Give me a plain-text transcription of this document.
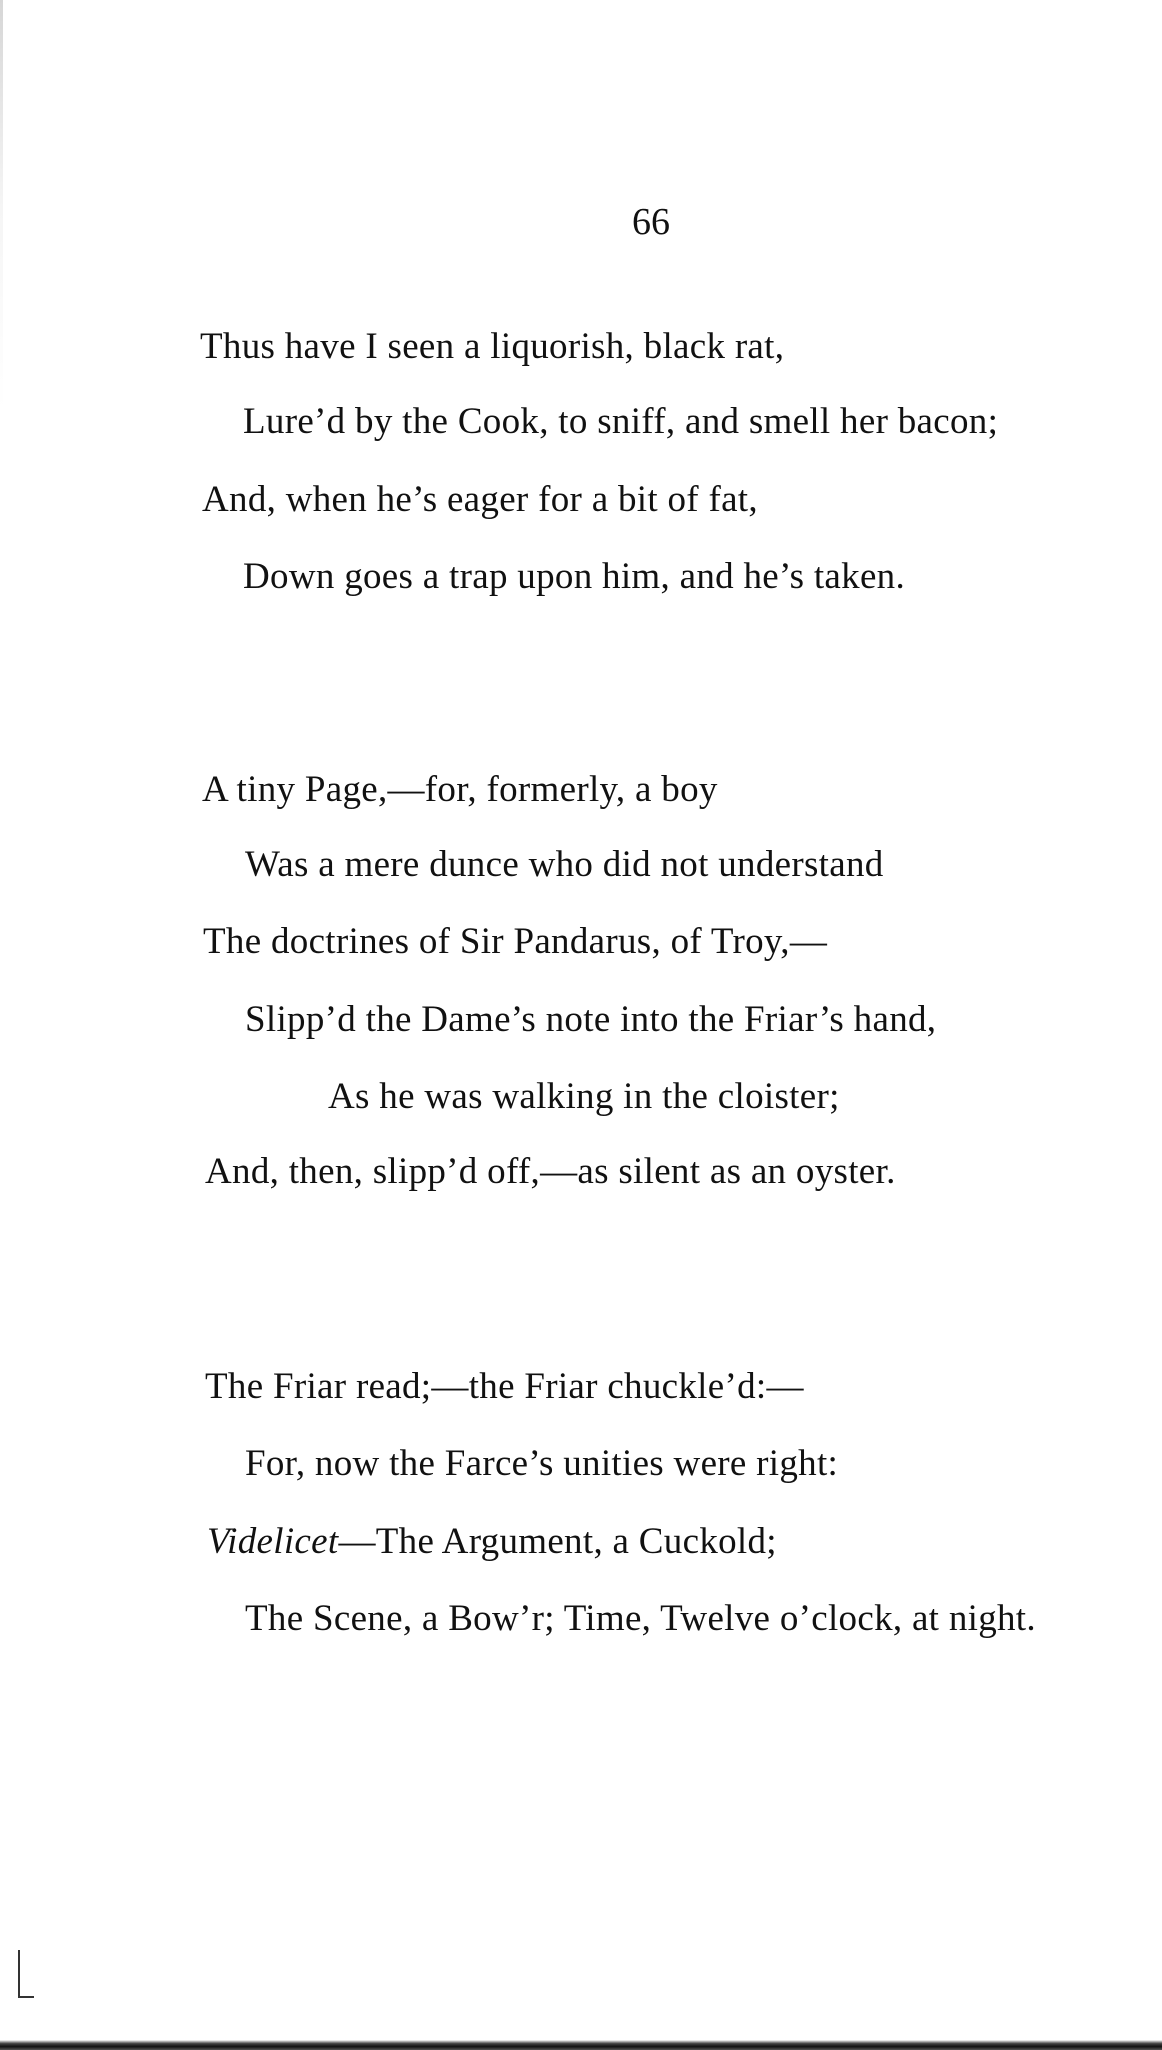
66
Thus have I seen a liquorish, black rat,
Lure’d by the Cook, to sniff, and smell her bacon;
And, when he’s eager for a bit of fat,
Down goes a trap upon him, and he’s taken.
A tiny Page,—for, formerly, a boy
Was a mere dunce who did not understand
The doctrines of Sir Pandarus, of Troy,—
Slipp’d the Dame’s note into the Friar’s hand,
As he was walking in the cloister;
And, then, slipp’d off,—as silent as an oyster.
The Friar read;—the Friar chuckle’d:—
For, now the Farce’s unities were right:
Videlicet—The Argument, a Cuckold;
The Scene, a Bow’r; Time, Twelve o’clock, at night.
